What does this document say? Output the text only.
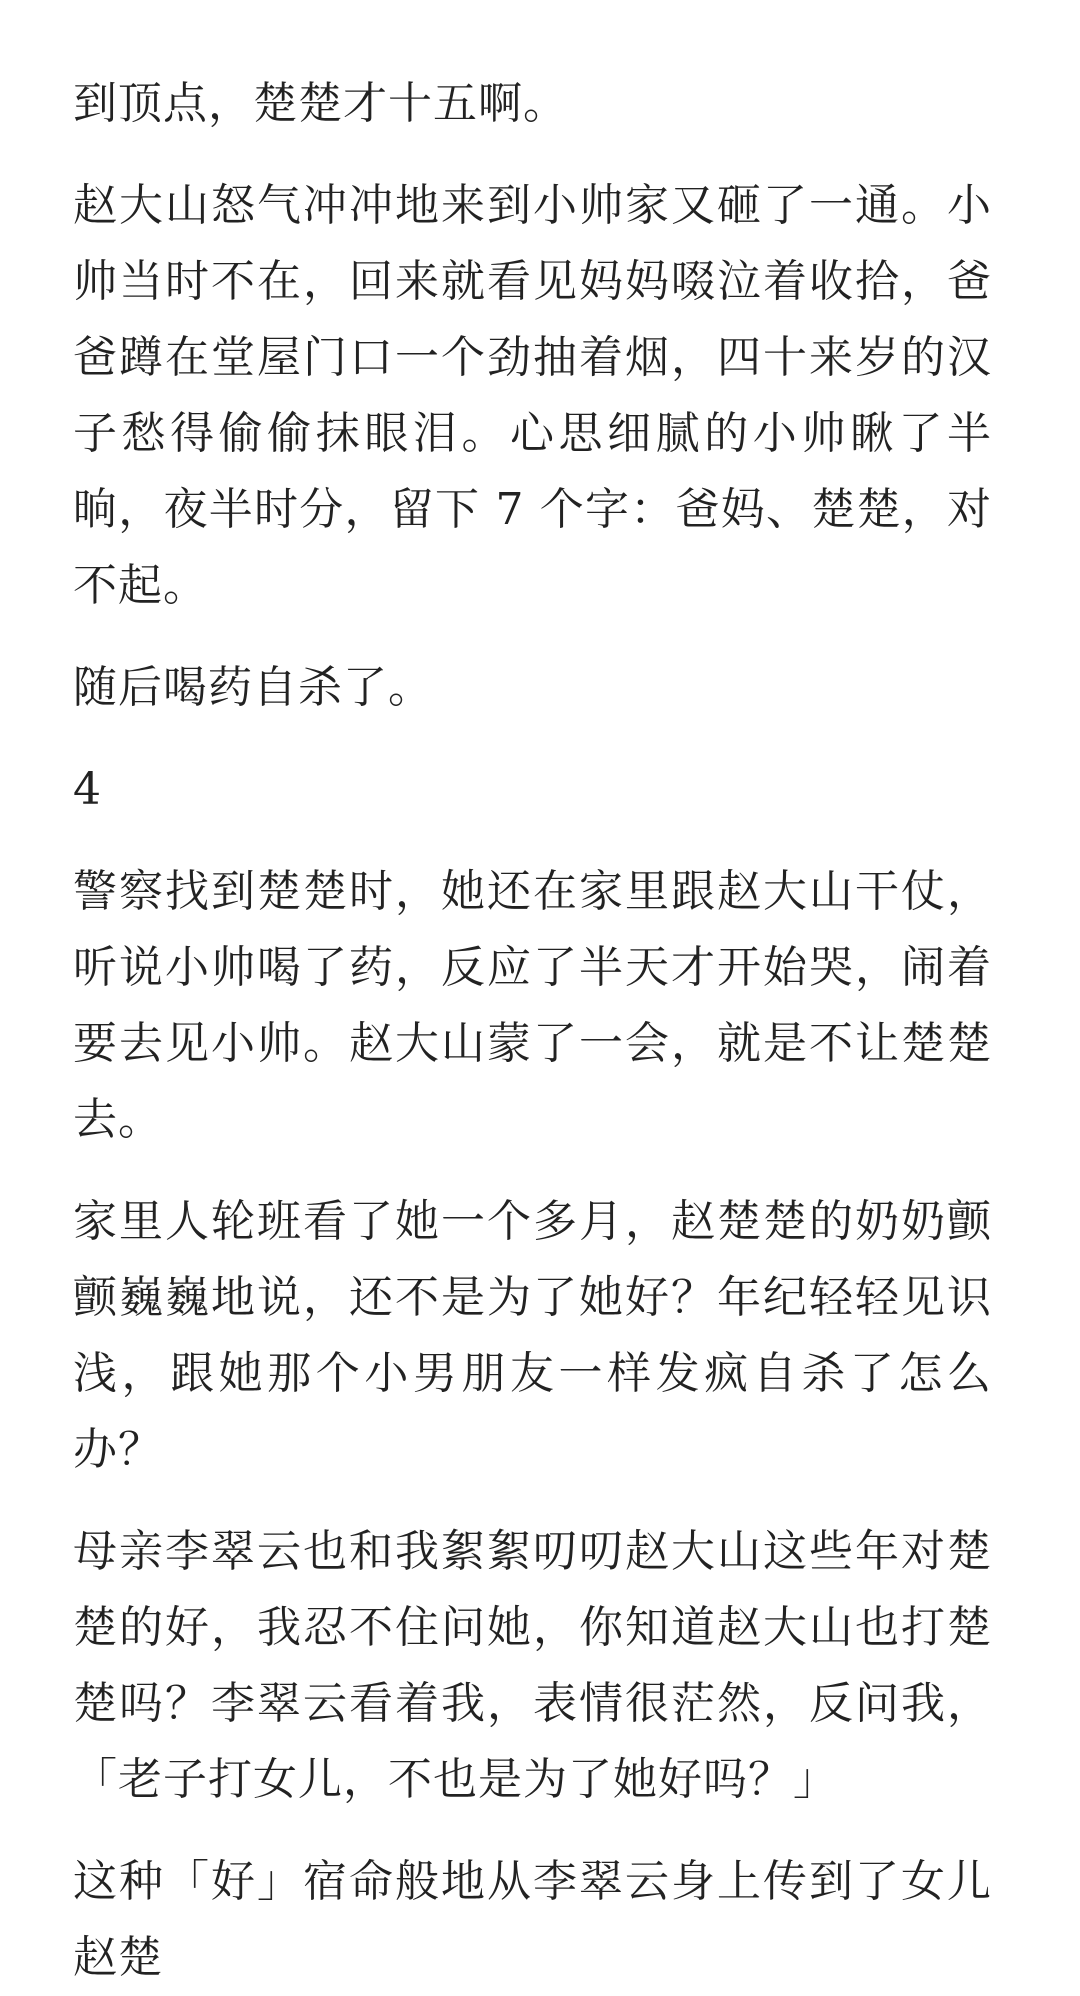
到顶点，楚楚才十五啊。

赵大山怒气冲冲地来到小帅家又砸了一通。小帅当时不在，回来就看见妈妈啜泣着收拾，爸爸蹲在堂屋门口一个劲抽着烟，四十来岁的汉子愁得偷偷抹眼泪。心思细腻的小帅瞅了半晌，夜半时分，留下 7 个字：爸妈、楚楚，对不起。

随后喝药自杀了。

4

警察找到楚楚时，她还在家里跟赵大山干仗，听说小帅喝了药，反应了半天才开始哭，闹着要去见小帅。赵大山蒙了一会，就是不让楚楚去。

家里人轮班看了她一个多月，赵楚楚的奶奶颤颤巍巍地说，还不是为了她好？年纪轻轻见识浅，跟她那个小男朋友一样发疯自杀了怎么办？

母亲李翠云也和我絮絮叨叨赵大山这些年对楚楚的好，我忍不住问她，你知道赵大山也打楚楚吗？李翠云看着我，表情很茫然，反问我，「老子打女儿，不也是为了她好吗？」

这种「好」宿命般地从李翠云身上传到了女儿赵楚
